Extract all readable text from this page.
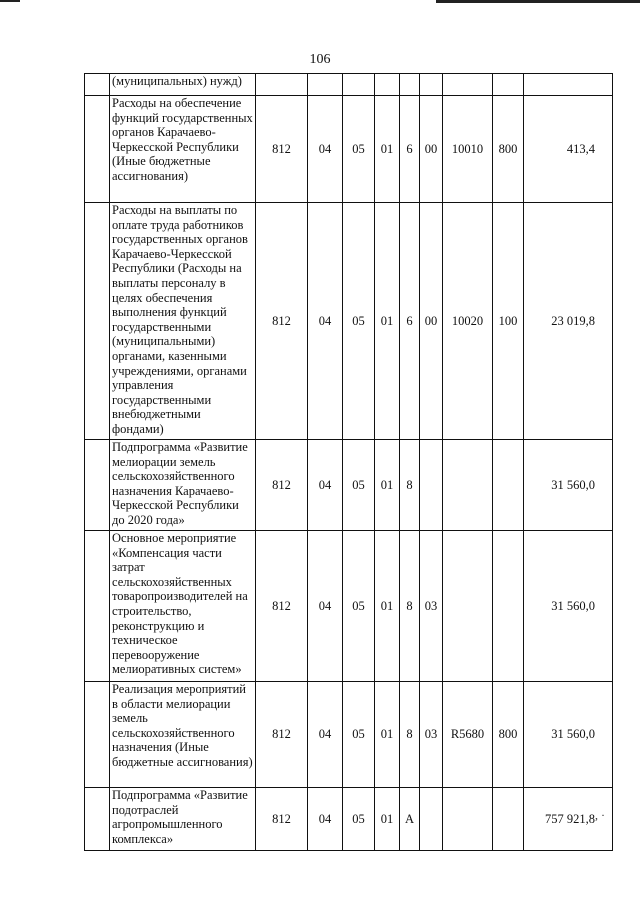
106
	(муниципальных) нужд)									
	Расходы на обеспечение функций государственных органов Карачаево-Черкесской Республики (Иные бюджетные ассигнования)	812	04	05	01	6	00	10010	800	413,4
	Расходы на выплаты по оплате труда работников государственных органов Карачаево-Черкесской Республики (Расходы на выплаты персоналу в целях обеспечения выполнения функций государственными (муниципальными) органами, казенными учреждениями, органами управления государственными внебюджетными фондами)	812	04	05	01	6	00	10020	100	23 019,8
	Подпрограмма «Развитие мелиорации земель сельскохозяйственного назначения Карачаево-Черкесской Республики до 2020 года»	812	04	05	01	8				31 560,0
	Основное мероприятие «Компенсация части затрат сельскохозяйственных товаропроизводителей на строительство, реконструкцию и техническое перевооружение мелиоративных систем»	812	04	05	01	8	03			31 560,0
	Реализация мероприятий в области мелиорации земель сельскохозяйственного назначения (Иные бюджетные ассигнования)	812	04	05	01	8	03	R5680	800	31 560,0
	Подпрограмма «Развитие подотраслей агропромышленного комплекса»	812	04	05	01	А				757 921,8 , ·
